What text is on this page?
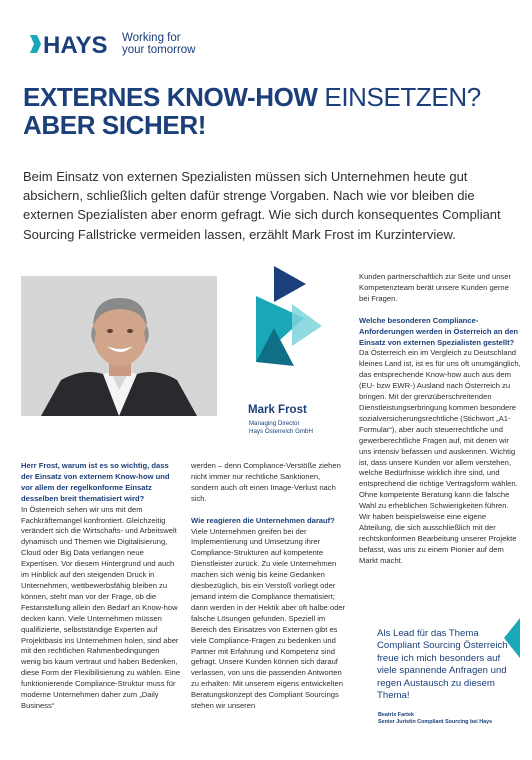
HAYS Working for
your tomorrow
EXTERNES KNOW-HOW EINSETZEN?
ABER SICHER!

Beim Einsatz von externen Spezialisten müssen sich Unternehmen heute gut absichern, schließlich gelten dafür strenge Vorgaben. Nach wie vor bleiben die externen Spezialisten aber enorm gefragt. Wie sich durch konsequentes Compliant Sourcing Fallstricke vermeiden lassen, erzählt Mark Frost im Kurzinterview.

Mark Frost
Managing Director
Hays Österreich GmbH

Herr Frost, warum ist es so wichtig, dass der Einsatz von externem Know-how und vor allem der regelkonforme Einsatz desselben breit thematisiert wird?

In Österreich sehen wir uns mit dem Fachkräftemangel konfrontiert. Gleichzeitig verändert sich die Wirtschafts- und Arbeitswelt dynamisch und Themen wie Digitalisierung, Cloud oder Big Data verlangen neue Expertisen. Vor diesem Hintergrund und auch im Hinblick auf den steigenden Druck in Unternehmen, wettbewerbsfähig bleiben zu können, steht man vor der Frage, ob die Festanstellung allein den Bedarf an Know-how decken kann. Viele Unternehmen müssen qualifizierte, selbstständige Experten auf Projektbasis ins Unternehmen holen, sind aber mit den rechtlichen Rahmenbedingungen wenig bis kaum vertraut und haben Bedenken, diese Form der Flexibilisierung zu wählen. Eine funktionierende Compliance-Struktur muss für moderne Unternehmen daher zum „Daily Business“

werden – denn Compliance-Verstöße ziehen nicht immer nur rechtliche Sanktionen, sondern auch oft einen Image-Verlust nach sich.

Wie reagieren die Unternehmen darauf?

Viele Unternehmen greifen bei der Implementierung und Umsetzung ihrer Compliance-Strukturen auf kompetente Dienstleister zurück. Zu viele Unternehmen machen sich wenig bis keine Gedanken diesbezüglich, bis ein Verstoß vorliegt oder jemand intern die Compliance thematisiert; dann werden in der Hektik aber oft halbe oder falsche Lösungen gefunden. Speziell im Bereich des Einsatzes von Externen gibt es viele Compliance-Fragen zu bedenken und Partner mit Erfahrung und Kompetenz sind gefragt. Unsere Kunden können sich darauf verlassen, von uns die passenden Antworten zu erhalten: Mit unserem eigens entwickelten Beratungskonzept des Compliant Sourcings stehen wir unseren

Kunden partnerschaftlich zur Seite und unser Kompetenzteam berät unsere Kunden gerne bei Fragen.

Welche besonderen Compliance-Anforderungen werden in Österreich an den Einsatz von externen Spezialisten gestellt?

Da Österreich ein im Vergleich zu Deutschland kleines Land ist, ist es für uns oft unumgänglich, das entsprechende Know-how auch aus dem (EU- bzw EWR-) Ausland nach Österreich zu bringen. Mit der grenzüberschreitenden Dienstleistungserbringung kommen besondere sozialversicherungsrechtliche (Stichwort „A1-Formular“), aber auch steuerrechtliche und gewerberechtliche Fragen auf, mit denen wir uns intensiv befassen und auskennen. Wichtig ist, dass unsere Kunden vor allem verstehen, welche Bedürfnisse wirklich ihre sind, und entsprechend die richtige Vertragsform wählen. Ohne kompetente Beratung kann die falsche Wahl zu erheblichen Schwierigkeiten führen. Wir haben beispielsweise eine eigene Abteilung, die sich ausschließlich mit der rechtskonformen Bearbeitung unserer Projekte befasst, was uns zu einem Pionier auf dem Markt macht.

Als Lead für das Thema Compliant Sourcing Österreich freue ich mich besonders auf viele spannende Anfragen und regen Austausch zu diesem Thema!
Beatrix Fartek
Senior Juristin Compliant Sourcing bei Hays
